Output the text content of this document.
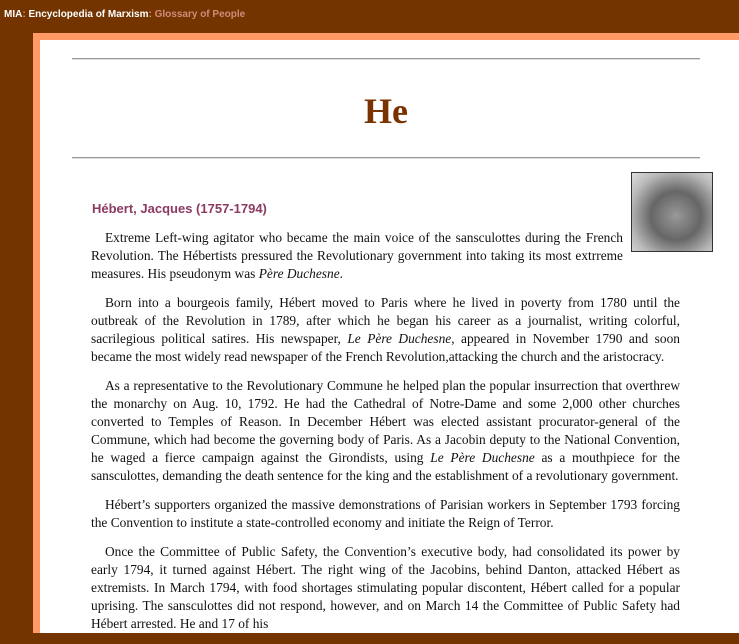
MIA: Encyclopedia of Marxism: Glossary of People
He
Hébert, Jacques (1757-1794)

Extreme Left-wing agitator who became the main voice of the sansculottes during the French Revolution. The Hébertists pressured the Revolutionary government into taking its most extrreme measures. His pseudonym was Père Duchesne.

Born into a bourgeois family, Hébert moved to Paris where he lived in poverty from 1780 until the outbreak of the Revolution in 1789, after which he began his career as a journalist, writing colorful, sacrilegious political satires. His newspaper, Le Père Duchesne, appeared in November 1790 and soon became the most widely read newspaper of the French Revolution,attacking the church and the aristocracy.

As a representative to the Revolutionary Commune he helped plan the popular insurrection that overthrew the monarchy on Aug. 10, 1792. He had the Cathedral of Notre-Dame and some 2,000 other churches converted to Temples of Reason. In December Hébert was elected assistant procurator-general of the Commune, which had become the governing body of Paris. As a Jacobin deputy to the National Convention, he waged a fierce campaign against the Girondists, using Le Père Duchesne as a mouthpiece for the sansculottes, demanding the death sentence for the king and the establishment of a revolutionary government.

Hébert’s supporters organized the massive demonstrations of Parisian workers in September 1793 forcing the Convention to institute a state-controlled economy and initiate the Reign of Terror.

Once the Committee of Public Safety, the Convention’s executive body, had consolidated its power by early 1794, it turned against Hébert. The right wing of the Jacobins, behind Danton, attacked Hébert as extremists. In March 1794, with food shortages stimulating popular discontent, Hébert called for a popular uprising. The sansculottes did not respond, however, and on March 14 the Committee of Public Safety had Hébert arrested. He and 17 of his
